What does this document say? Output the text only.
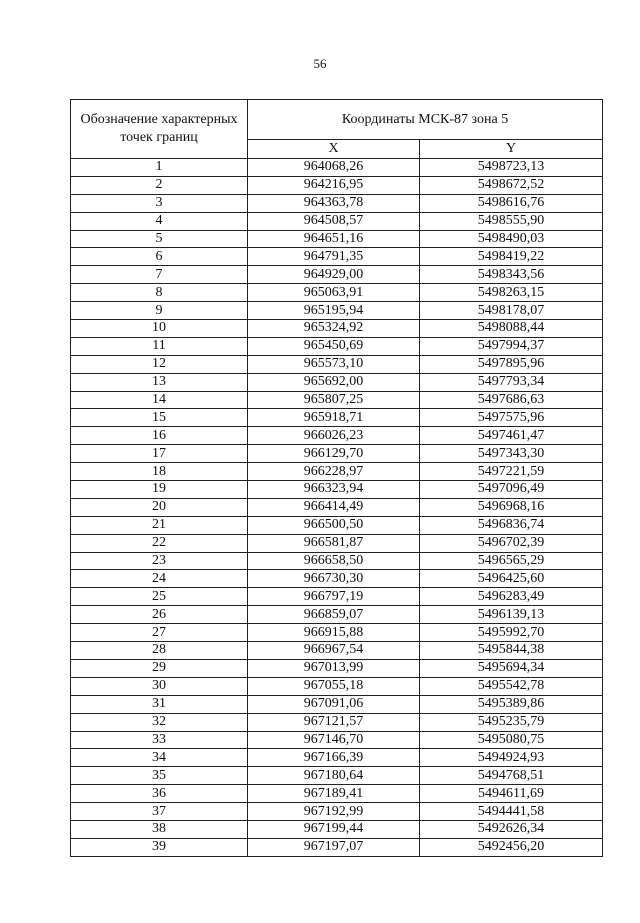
56
Обозначение характерных точек границ	Координаты МСК-87 зона 5	
	X	Y
1	964068,26	5498723,13
2	964216,95	5498672,52
3	964363,78	5498616,76
4	964508,57	5498555,90
5	964651,16	5498490,03
6	964791,35	5498419,22
7	964929,00	5498343,56
8	965063,91	5498263,15
9	965195,94	5498178,07
10	965324,92	5498088,44
11	965450,69	5497994,37
12	965573,10	5497895,96
13	965692,00	5497793,34
14	965807,25	5497686,63
15	965918,71	5497575,96
16	966026,23	5497461,47
17	966129,70	5497343,30
18	966228,97	5497221,59
19	966323,94	5497096,49
20	966414,49	5496968,16
21	966500,50	5496836,74
22	966581,87	5496702,39
23	966658,50	5496565,29
24	966730,30	5496425,60
25	966797,19	5496283,49
26	966859,07	5496139,13
27	966915,88	5495992,70
28	966967,54	5495844,38
29	967013,99	5495694,34
30	967055,18	5495542,78
31	967091,06	5495389,86
32	967121,57	5495235,79
33	967146,70	5495080,75
34	967166,39	5494924,93
35	967180,64	5494768,51
36	967189,41	5494611,69
37	967192,99	5494441,58
38	967199,44	5492626,34
39	967197,07	5492456,20
